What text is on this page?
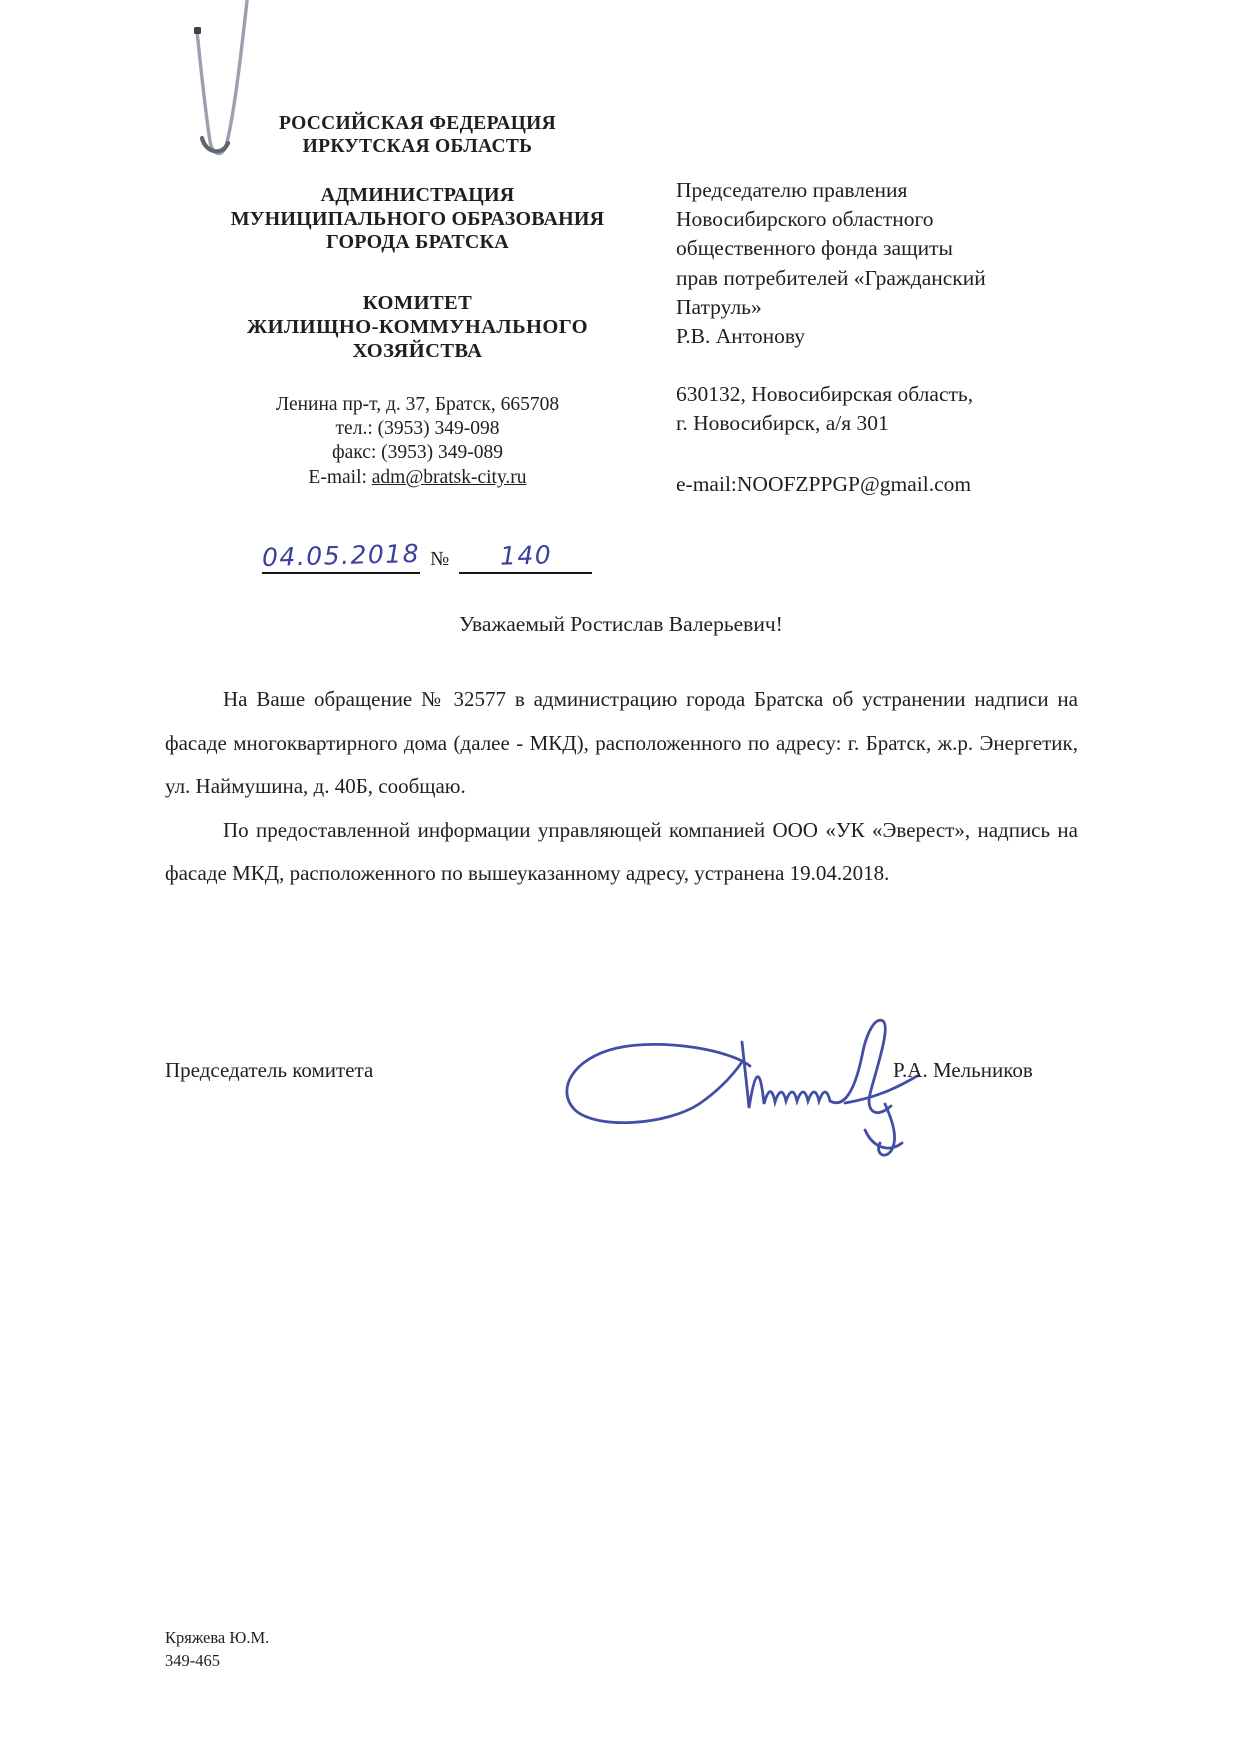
РОССИЙСКАЯ ФЕДЕРАЦИЯ
ИРКУТСКАЯ ОБЛАСТЬ
АДМИНИСТРАЦИЯ
МУНИЦИПАЛЬНОГО ОБРАЗОВАНИЯ
ГОРОДА БРАТСКА
КОМИТЕТ
ЖИЛИЩНО-КОММУНАЛЬНОГО
ХОЗЯЙСТВА
Ленина пр-т, д. 37, Братск, 665708
тел.: (3953) 349-098
факс: (3953) 349-089
E-mail: adm@bratsk-city.ru
04.05.2018 №	140
Председателю правления
Новосибирского областного
общественного фонда защиты
прав потребителей «Гражданский
Патруль»
Р.В. Антонову
630132, Новосибирская область,
г. Новосибирск, а/я 301
e-mail:NOOFZPPGP@gmail.com
Уважаемый Ростислав Валерьевич!

На Ваше обращение № 32577 в администрацию города Братска об устранении надписи на фасаде многоквартирного дома (далее - МКД), расположенного по адресу: г. Братск, ж.р. Энергетик, ул. Наймушина, д. 40Б, сообщаю.

По предоставленной информации управляющей компанией ООО «УК «Эверест», надпись на фасаде МКД, расположенного по вышеуказанному адресу, устранена 19.04.2018.

Председатель комитета	Р.А. Мельников
Кряжева Ю.М.
349-465
